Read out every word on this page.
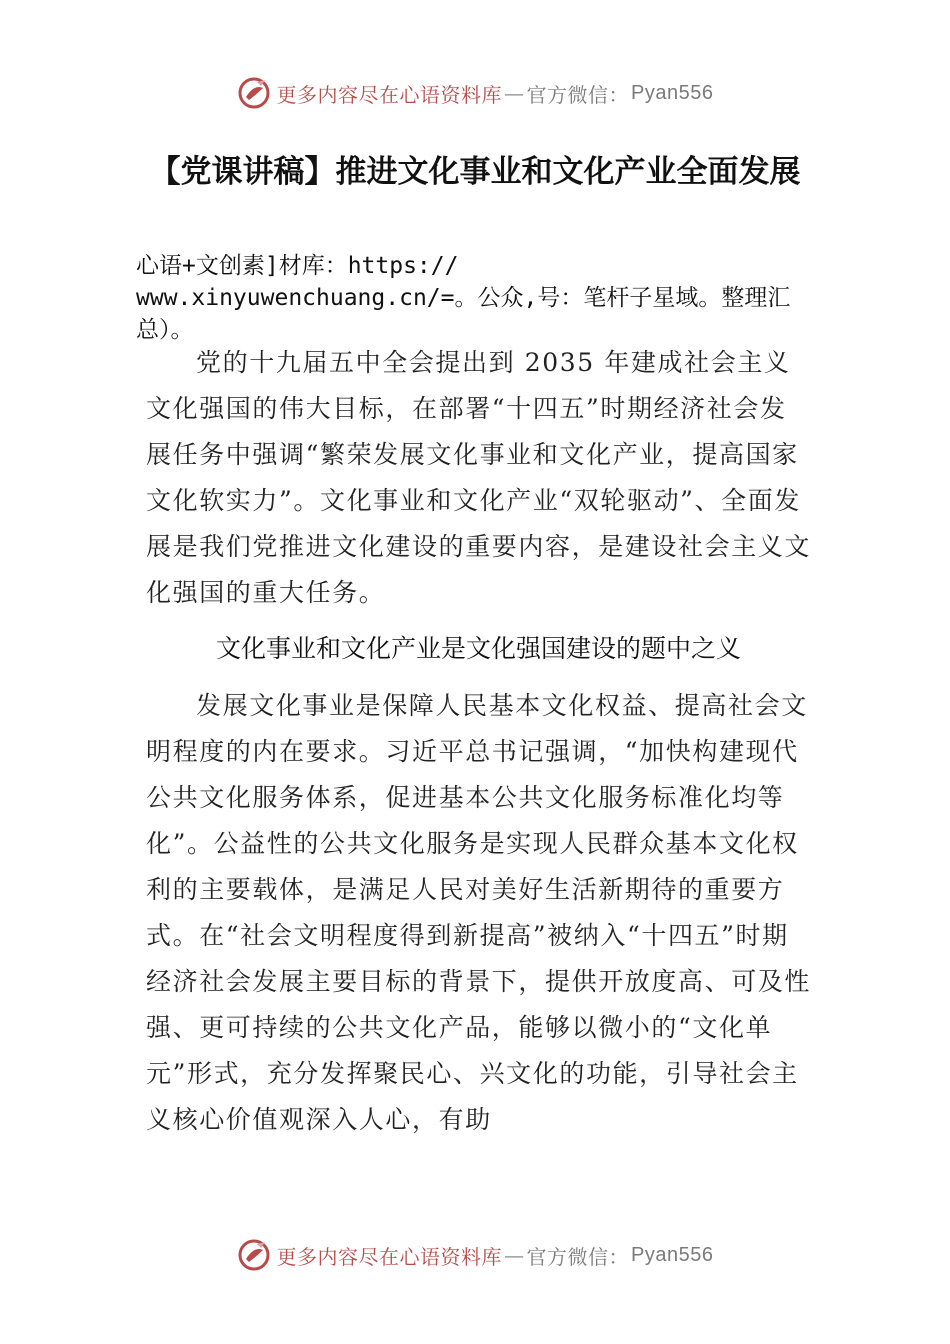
更多内容尽在心语资料库 — 官方微信： Pyan556
【党课讲稿】推进文化事业和文化产业全面发展
心语+文创素]材库：https://
www.xinyuwenchuang.cn/=。公众,号：笔杆子星域。整理汇总）。

党的十九届五中全会提出到 2035 年建成社会主义文化强国的伟大目标，在部署“十四五”时期经济社会发展任务中强调“繁荣发展文化事业和文化产业，提高国家文化软实力”。文化事业和文化产业“双轮驱动”、全面发展是我们党推进文化建设的重要内容，是建设社会主义文化强国的重大任务。

文化事业和文化产业是文化强国建设的题中之义

发展文化事业是保障人民基本文化权益、提高社会文明程度的内在要求。习近平总书记强调，“加快构建现代公共文化服务体系，促进基本公共文化服务标准化均等化”。公益性的公共文化服务是实现人民群众基本文化权利的主要载体，是满足人民对美好生活新期待的重要方式。在“社会文明程度得到新提高”被纳入“十四五”时期经济社会发展主要目标的背景下，提供开放度高、可及性强、更可持续的公共文化产品，能够以微小的“文化单元”形式，充分发挥聚民心、兴文化的功能，引导社会主义核心价值观深入人心，有助

更多内容尽在心语资料库 — 官方微信： Pyan556
